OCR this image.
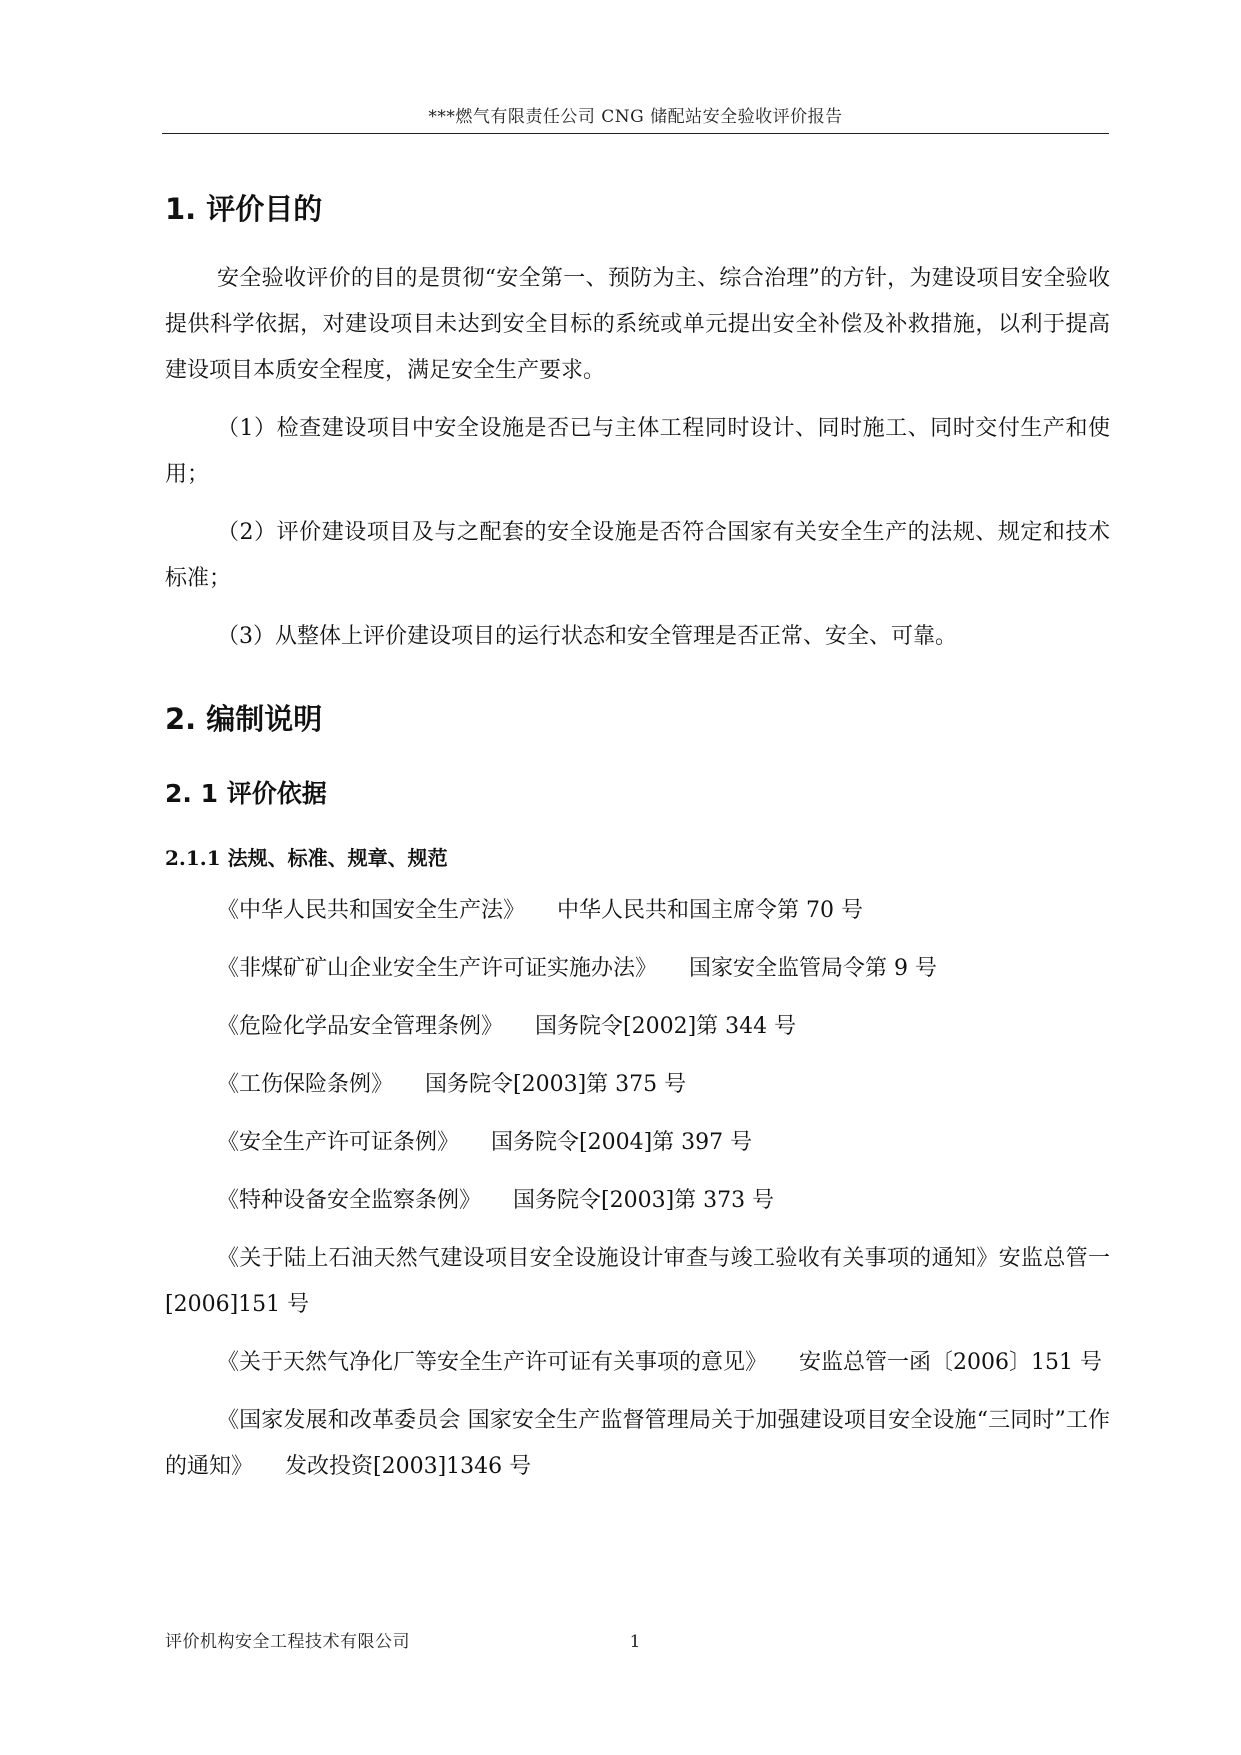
***燃气有限责任公司 CNG 储配站安全验收评价报告
1. 评价目的

安全验收评价的目的是贯彻“安全第一、预防为主、综合治理”的方针，为建设项目安全验收提供科学依据，对建设项目未达到安全目标的系统或单元提出安全补偿及补救措施，以利于提高建设项目本质安全程度，满足安全生产要求。

（1）检查建设项目中安全设施是否已与主体工程同时设计、同时施工、同时交付生产和使用；

（2）评价建设项目及与之配套的安全设施是否符合国家有关安全生产的法规、规定和技术标准；

（3）从整体上评价建设项目的运行状态和安全管理是否正常、安全、可靠。

2. 编制说明
2. 1 评价依据
2.1.1 法规、标准、规章、规范

《中华人民共和国安全生产法》 中华人民共和国主席令第 70 号

《非煤矿矿山企业安全生产许可证实施办法》 国家安全监管局令第 9 号

《危险化学品安全管理条例》 国务院令[2002]第 344 号

《工伤保险条例》 国务院令[2003]第 375 号

《安全生产许可证条例》 国务院令[2004]第 397 号

《特种设备安全监察条例》 国务院令[2003]第 373 号

《关于陆上石油天然气建设项目安全设施设计审查与竣工验收有关事项的通知》安监总管一[2006]151 号

《关于天然气净化厂等安全生产许可证有关事项的意见》 安监总管一函〔2006〕151 号

《国家发展和改革委员会 国家安全生产监督管理局关于加强建设项目安全设施“三同时”工作的通知》 发改投资[2003]1346 号

评价机构安全工程技术有限公司	1
